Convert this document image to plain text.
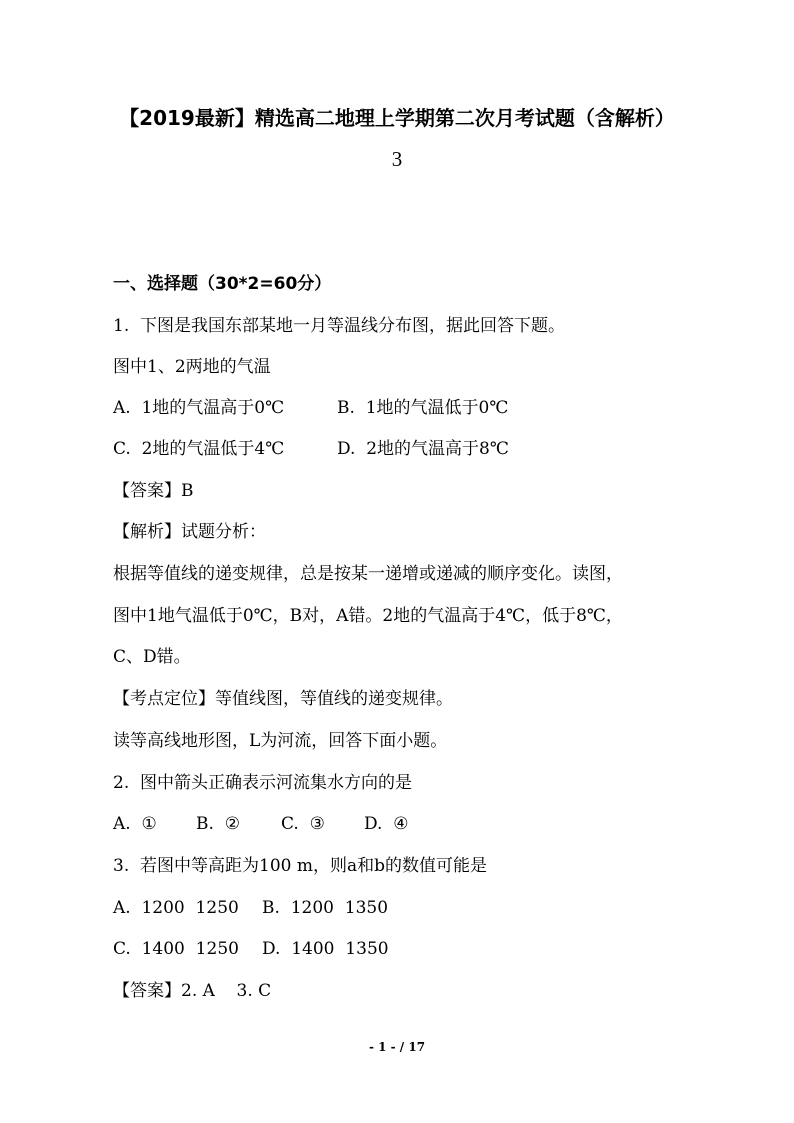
【2019最新】精选高二地理上学期第二次月考试题（含解析）
3
一、选择题（30*2=60分）
1.  下图是我国东部某地一月等温线分布图，据此回答下题。
图中1、2两地的气温
A.  1地的气温高于0℃	B.  1地的气温低于0℃
C.  2地的气温低于4℃	D.  2地的气温高于8℃
【答案】B
【解析】试题分析：
根据等值线的递变规律，总是按某一递增或递减的顺序变化。读图，
图中1地气温低于0℃，B对，A错。2地的气温高于4℃，低于8℃，
C、D错。
【考点定位】等值线图，等值线的递变规律。
读等高线地形图，L为河流，回答下面小题。
2.  图中箭头正确表示河流集水方向的是
A.  ① B.  ② C.  ③ D.  ④
3.  若图中等高距为100 m，则a和b的数值可能是
A.  1200  1250 B.  1200  1350
C.  1400  1250 D.  1400  1350
【答案】2. A    3. C
- 1 - / 17
